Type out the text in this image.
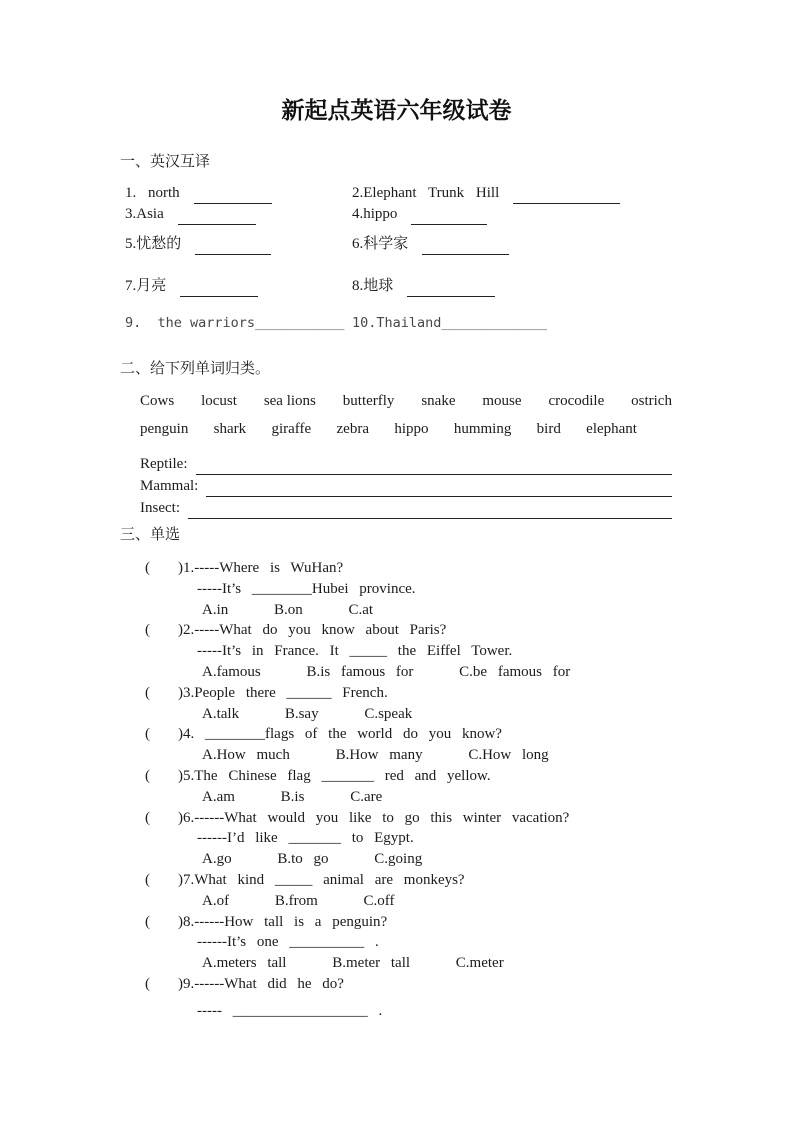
新起点英语六年级试卷
一、英汉互译
1. north	2.Elephant Trunk Hill
3.Asia	4.hippo
5.忧愁的	6.科学家
7.月亮	8.地球
9.  the warriors___________ 10.Thailand_____________
二、给下列单词归类。
Cows locust sea lions butterfly snake mouse crocodile ostrich
penguin shark giraffe zebra hippo humming bird elephant
Reptile:
Mammal:
Insect:
三、单选
( )1.-----Where is WuHan?
-----It’s ________Hubei province.
A.in	B.on	C.at
( )2.-----What do you know about Paris?
-----It’s in France. It _____ the Eiffel Tower.
A.famous	B.is famous for	C.be famous for
( )3.People there ______ French.
A.talk	B.say	C.speak
( )4. ________flags of the world do you know?
A.How much	B.How many	C.How long
( )5.The Chinese flag _______ red and yellow.
A.am	B.is	C.are
( )6.------What would you like to go this winter vacation?
------I’d like _______ to Egypt.
A.go	B.to go	C.going
( )7.What kind _____ animal are monkeys?
A.of	B.from	C.off
( )8.------How tall is a penguin?
------It’s one __________ .
A.meters tall	B.meter tall	C.meter
( )9.------What did he do?
----- __________________ .
